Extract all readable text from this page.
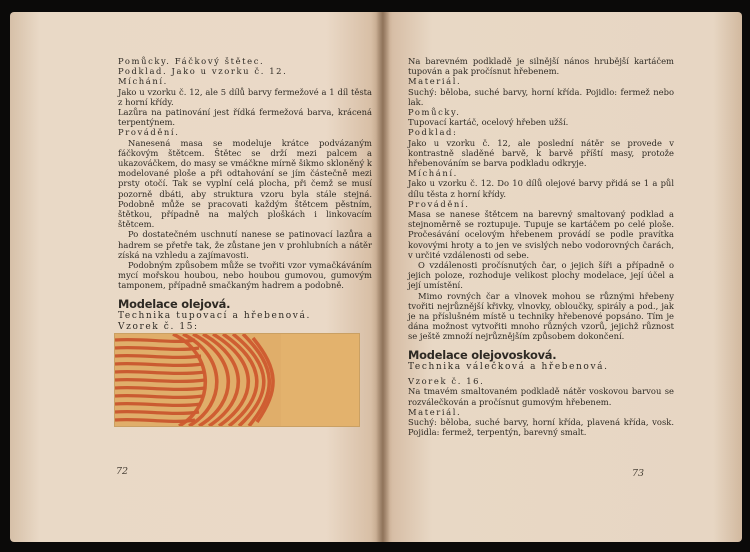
Pomůcky. Fáčkový štětec.

Podklad. Jako u vzorku č. 12.

Míchání.

Jako u vzorku č. 12, ale 5 dílů barvy fermežové a 1 díl těsta z horní křídy.

Lazůra na patinování jest řídká fermežová barva, krácená terpentýnem.

Provádění.

Nanesená masa se modeluje krátce podvázaným fáčkovým štětcem. Štětec se drží mezi palcem a ukazováčkem, do masy se vmáčkne mírně šikmo skloněný k modelované ploše a při odtahování se jím částečně mezi prsty otočí. Tak se vyplní celá plocha, při čemž se musí pozorně dbáti, aby struktura vzoru byla stále stejná. Podobně může se pracovati každým štětcem pěstním, štětkou, případně na malých ploškách i linkovacím štětcem.

Po dostatečném uschnutí nanese se patinovací lazůra a hadrem se přetře tak, že zůstane jen v prohlubních a nátěr získá na vzhledu a zajímavosti.

Podobným způsobem může se tvořiti vzor vymačkáváním mycí mořskou houbou, nebo houbou gumovou, gumovým tamponem, případně smačkaným hadrem a podobně.

Modelace olejová.

Technika tupovací a hřebenová.

Vzorek č. 15:

72

Na barevném podkladě je silnější nános hrubější kartáčem tupován a pak pročísnut hřebenem.

Materiál.

Suchý: běloba, suché barvy, horní křída. Pojidlo: fermež nebo lak.

Pomůcky.

Tupovací kartáč, ocelový hřeben užší.

Podklad:

Jako u vzorku č. 12, ale poslední nátěr se provede v kontrastně sladěné barvě, k barvě příští masy, protože hřebenováním se barva podkladu odkryje.

Míchání.

Jako u vzorku č. 12. Do 10 dílů olejové barvy přidá se 1 a půl dílu těsta z horní křídy.

Provádění.

Masa se nanese štětcem na barevný smaltovaný podklad a stejnoměrně se roztupuje. Tupuje se kartáčem po celé ploše. Pročesávání ocelovým hřebenem provádí se podle pravítka kovovými hroty a to jen ve svislých nebo vodorovných čarách, v určité vzdálenosti od sebe.

O vzdálenosti pročísnutých čar, o jejich šíři a případně o jejich poloze, rozhoduje velikost plochy modelace, její účel a její umístění.

Mimo rovných čar a vlnovek mohou se různými hřebeny tvořiti nejrůznější křivky, vlnovky, obloučky, spirály a pod., jak je na příslušném místě u techniky hřebenové popsáno. Tím je dána možnost vytvořiti mnoho různých vzorů, jejichž různost se ještě zmnoží nejrůznějším způsobem dokončení.

Modelace olejovosková.

Technika válečková a hřebenová.

Vzorek č. 16.

Na tmavém smaltovaném podkladě nátěr voskovou barvou se rozválečkován a pročísnut gumovým hřebenem.

Materiál.

Suchý: běloba, suché barvy, horní křída, plavená křída, vosk. Pojidla: fermež, terpentýn, barevný smalt.

73
